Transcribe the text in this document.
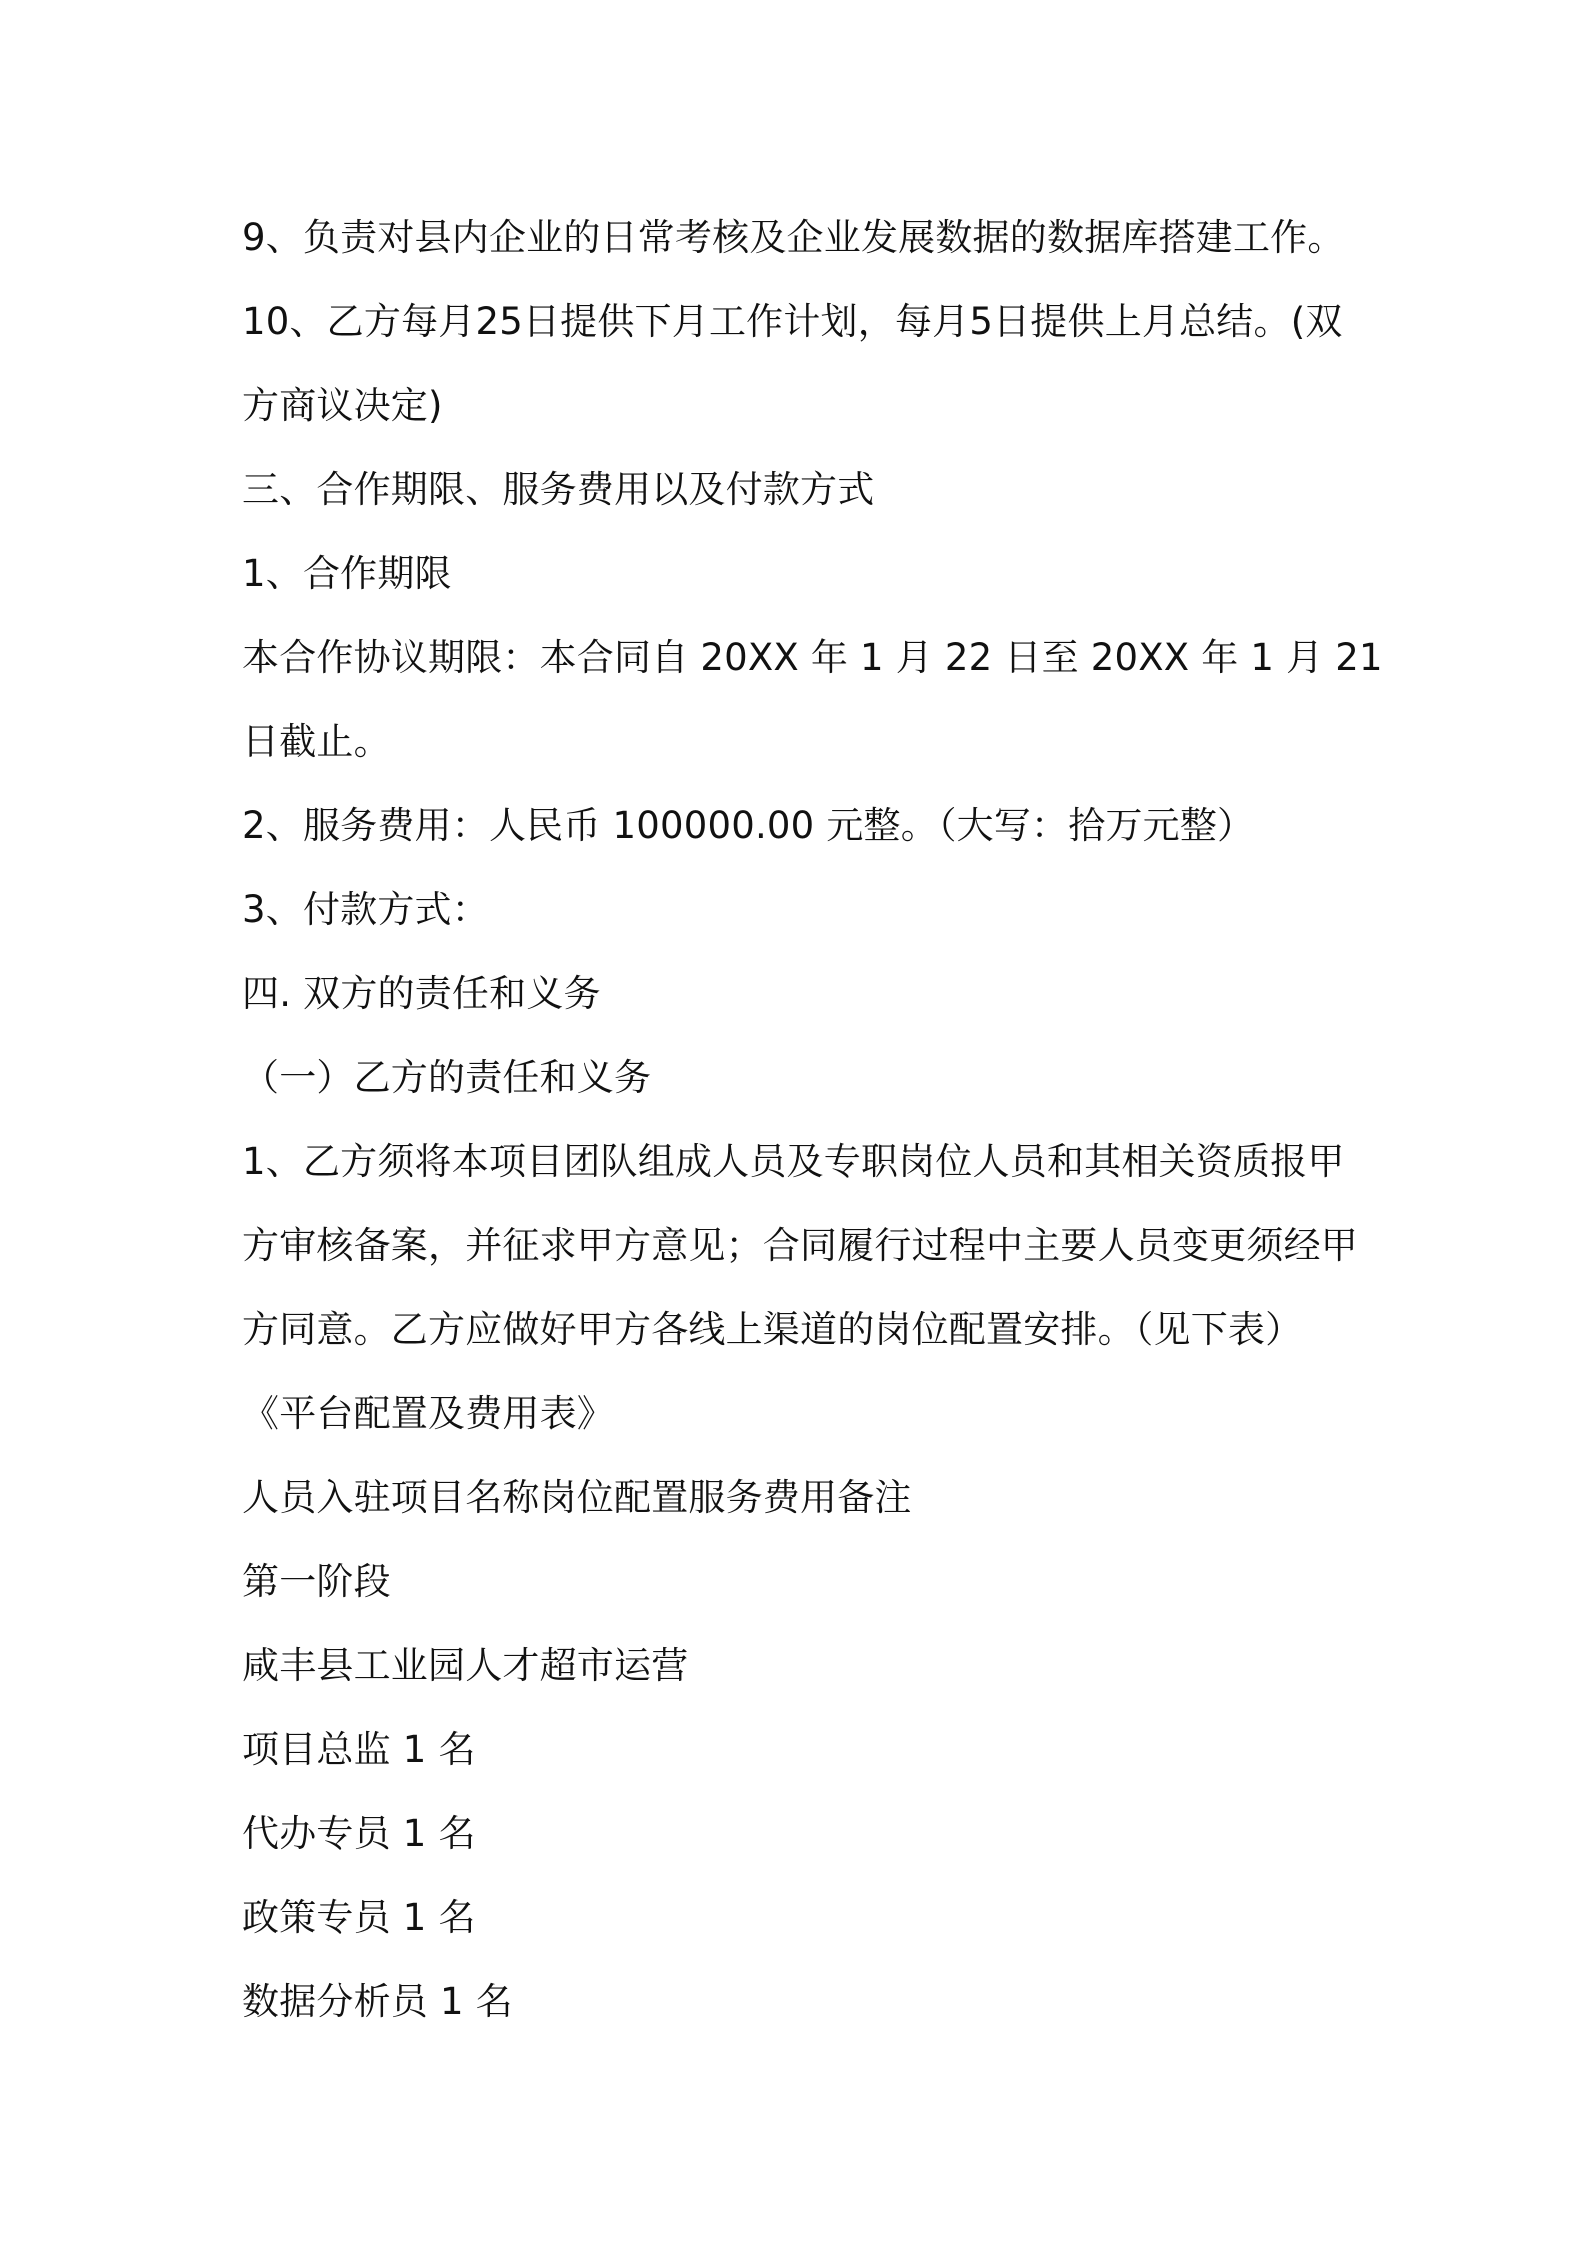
9、负责对县内企业的日常考核及企业发展数据的数据库搭建工作。
10、乙方每月25日提供下月工作计划，每月5日提供上月总结。(双
方商议决定)
三、合作期限、服务费用以及付款方式
1、合作期限
本合作协议期限：本合同自 20XX 年 1 月 22 日至 20XX 年 1 月 21
日截止。
2、服务费用：人民币 100000.00 元整。（大写：拾万元整）
3、付款方式：
四. 双方的责任和义务
（一）乙方的责任和义务
1、乙方须将本项目团队组成人员及专职岗位人员和其相关资质报甲
方审核备案，并征求甲方意见；合同履行过程中主要人员变更须经甲
方同意。乙方应做好甲方各线上渠道的岗位配置安排。（见下表）
《平台配置及费用表》
人员入驻项目名称岗位配置服务费用备注
第一阶段
咸丰县工业园人才超市运营
项目总监 1 名
代办专员 1 名
政策专员 1 名
数据分析员 1 名
